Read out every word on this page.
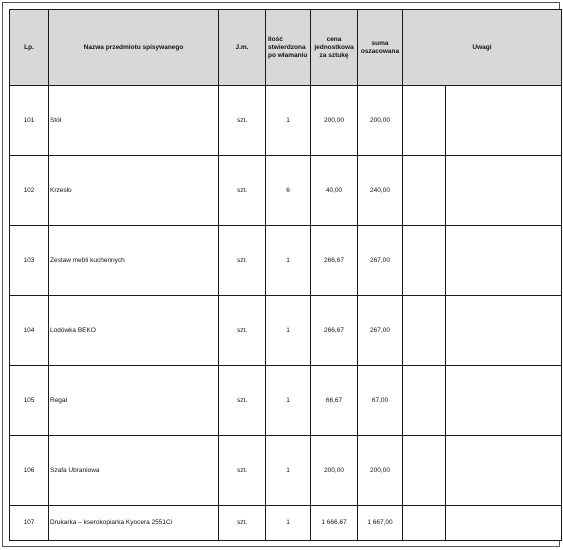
Lp.	Nazwa przedmiotu spisywanego	J.m.	Ilość stwierdzona po włamaniu	cena jednostkowa za sztukę	suma oszacowana	Uwagi	
101	Stół	szt.	1	200,00	200,00		
102	Krzesło	szt.	6	40,00	240,00		
103	Zestaw mebli kuchennych	szt.	1	266,67	267,00		
104	Lodówka BEKO	szt.	1	266,67	267,00		
105	Regał	szt.	1	66,67	67,00		
106	Szafa Ubraniowa	szt.	1	200,00	200,00		
107	Drukarka – kserokopiarka Kyocera 2551Ci	szt.	1	1 666,67	1 667,00		
